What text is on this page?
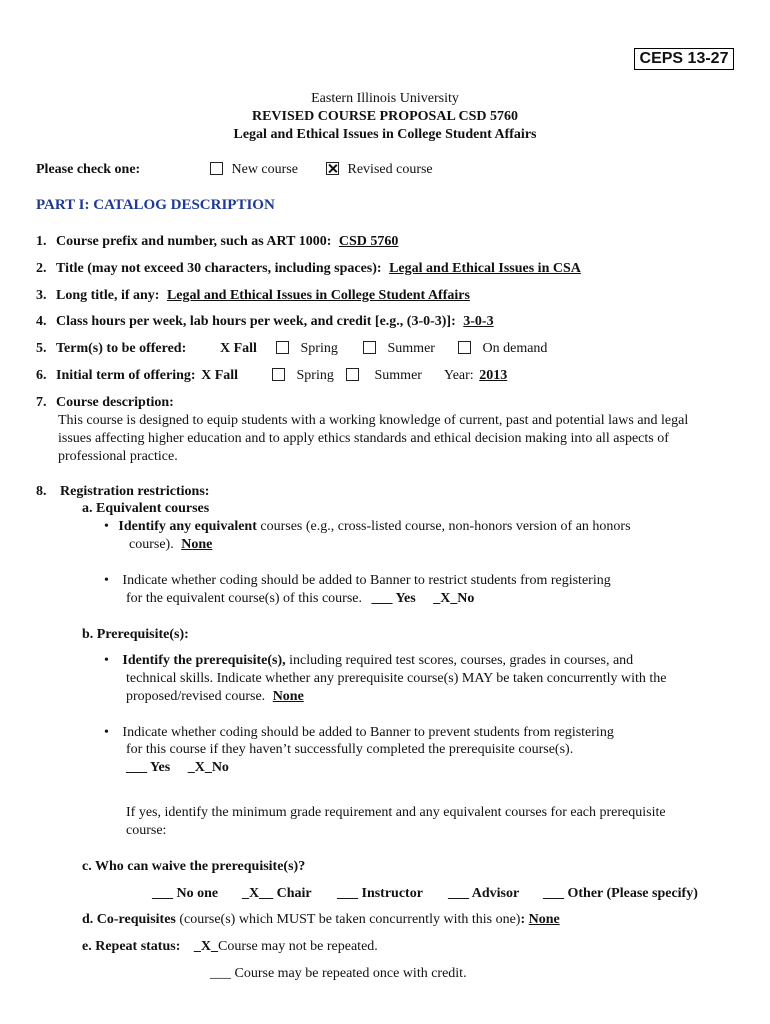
CEPS 13-27
Eastern Illinois University
REVISED COURSE PROPOSAL CSD 5760
Legal and Ethical Issues in College Student Affairs
Please check one:	New course	Revised course
PART I: CATALOG DESCRIPTION
1. Course prefix and number, such as ART 1000: CSD 5760
2. Title (may not exceed 30 characters, including spaces): Legal and Ethical Issues in CSA
3. Long title, if any: Legal and Ethical Issues in College Student Affairs
4. Class hours per week, lab hours per week, and credit [e.g., (3-0-3)]: 3-0-3
5. Term(s) to be offered: X Fall	Spring	Summer	On demand
6. Initial term of offering: X Fall	Spring	Summer Year: 2013
7. Course description:
This course is designed to equip students with a working knowledge of current, past and potential laws and legal issues affecting higher education and to apply ethics standards and ethical decision making into all aspects of professional practice.
8. Registration restrictions:
a. Equivalent courses
• Identify any equivalent courses (e.g., cross-listed course, non-honors version of an honors
course). None
• Indicate whether coding should be added to Banner to restrict students from registering
for the equivalent course(s) of this course. ___ Yes _X_No
b. Prerequisite(s):
• Identify the prerequisite(s), including required test scores, courses, grades in courses, and
technical skills. Indicate whether any prerequisite course(s) MAY be taken concurrently with the
proposed/revised course. None
• Indicate whether coding should be added to Banner to prevent students from registering
for this course if they haven’t successfully completed the prerequisite course(s).
___ Yes _X_No
If yes, identify the minimum grade requirement and any equivalent courses for each prerequisite
course:
c. Who can waive the prerequisite(s)?
___ No one _X__ Chair ___ Instructor ___ Advisor ___ Other (Please specify)
d. Co-requisites (course(s) which MUST be taken concurrently with this one): None
e. Repeat status: _X_Course may not be repeated.
___ Course may be repeated once with credit.
